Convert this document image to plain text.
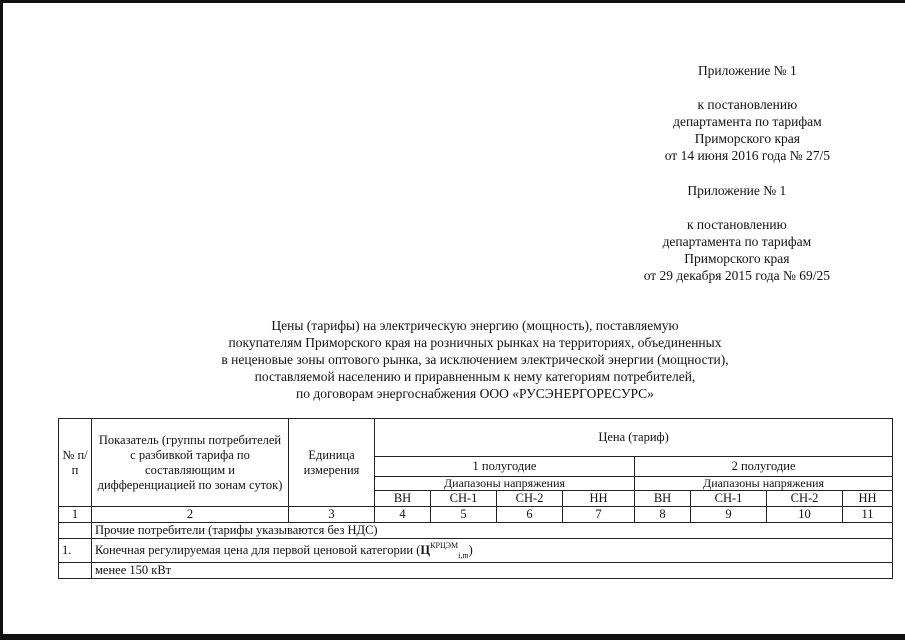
Приложение № 1
к постановлению
департамента по тарифам
Приморского края
от 14 июня 2016 года № 27/5
Приложение № 1
к постановлению
департамента по тарифам
Приморского края
от 29 декабря 2015 года № 69/25
Цены (тарифы) на электрическую энергию (мощность), поставляемую
покупателям Приморского края на розничных рынках на территориях, объединенных
в неценовые зоны оптового рынка, за исключением электрической энергии (мощности),
поставляемой населению и приравненным к нему категориям потребителей,
по договорам энергоснабжения ООО «РУСЭНЕРГОРЕСУРС»
№ п/п	Показатель (группы потребителей с разбивкой тарифа по составляющим и дифференциацией по зонам суток)	Единица измерения	Цена (тариф)							
			1 полугодие				2 полугодие			
			Диапазоны напряжения				Диапазоны напряжения			
			ВН	СН-1	СН-2	НН	ВН	СН-1	СН-2	НН
1	2	3	4	5	6	7	8	9	10	11
	Прочие потребители (тарифы указываются без НДС)									
1.	Конечная регулируемая цена для первой ценовой категории $(Ц^{КРЦЭМ}_{i,m})$									
	менее 150 кВт									
